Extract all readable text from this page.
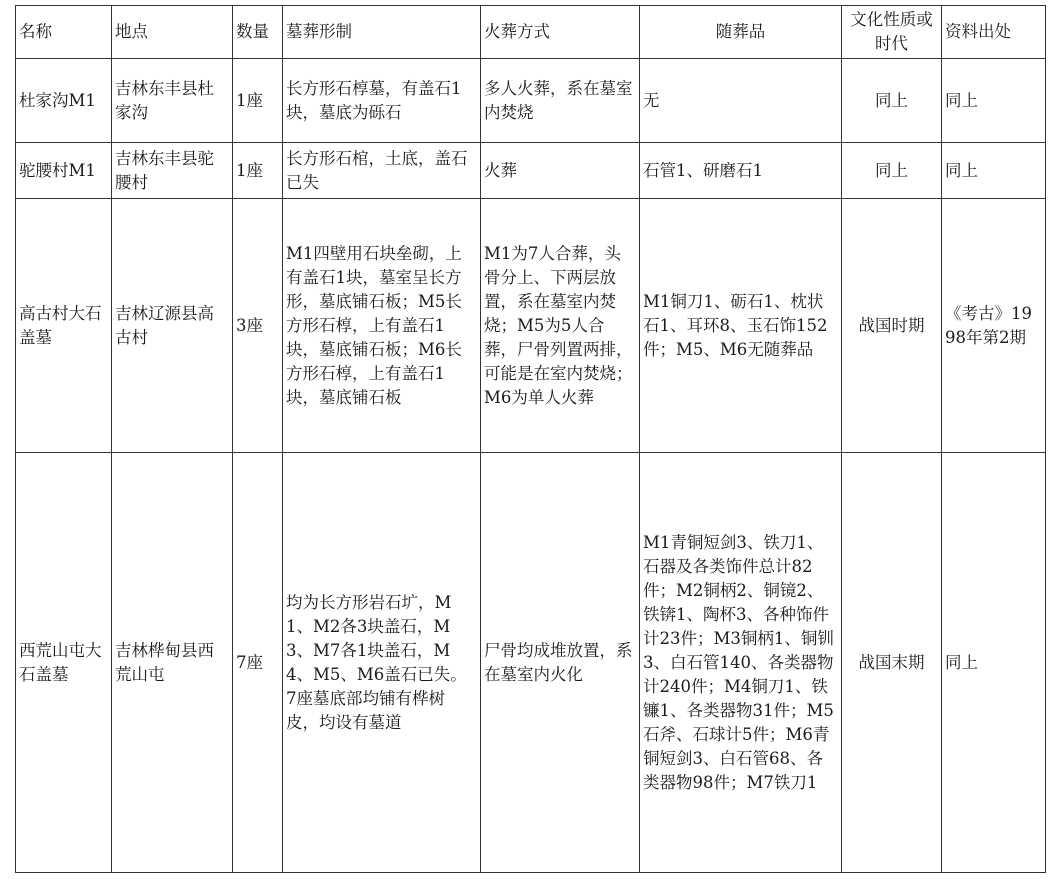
名称	地点	数量	墓葬形制	火葬方式	随葬品	文化性质或时代	资料出处
杜家沟M1	吉林东丰县杜家沟	1座	长方形石椁墓，有盖石1块，墓底为砾石	多人火葬，系在墓室内焚烧	无	同上	同上
驼腰村M1	吉林东丰县驼腰村	1座	长方形石棺，土底，盖石已失	火葬	石管1、研磨石1	同上	同上
高古村大石盖墓	吉林辽源县高古村	3座	M1四壁用石块垒砌，上有盖石1块，墓室呈长方形，墓底铺石板；M5长方形石椁，上有盖石1块，墓底铺石板；M6长方形石椁，上有盖石1块，墓底铺石板	M1为7人合葬，头骨分上、下两层放置，系在墓室内焚烧；M5为5人合葬，尸骨列置两排，可能是在室内焚烧；M6为单人火葬	M1铜刀1、砺石1、枕状石1、耳环8、玉石饰152件；M5、M6无随葬品	战国时期	《考古》1998年第2期
西荒山屯大石盖墓	吉林桦甸县西荒山屯	7座	均为长方形岩石圹，M1、M2各3块盖石，M3、M7各1块盖石，M4、M5、M6盖石已失。7座墓底部均铺有桦树皮，均设有墓道	尸骨均成堆放置，系在墓室内火化	M1青铜短剑3、铁刀1、石器及各类饰件总计82件；M2铜柄2、铜镜2、铁锛1、陶杯3、各种饰件计23件；M3铜柄1、铜钏3、白石管140、各类器物计240件；M4铜刀1、铁镰1、各类器物31件；M5石斧、石球计5件；M6青铜短剑3、白石管68、各类器物98件；M7铁刀1	战国末期	同上
